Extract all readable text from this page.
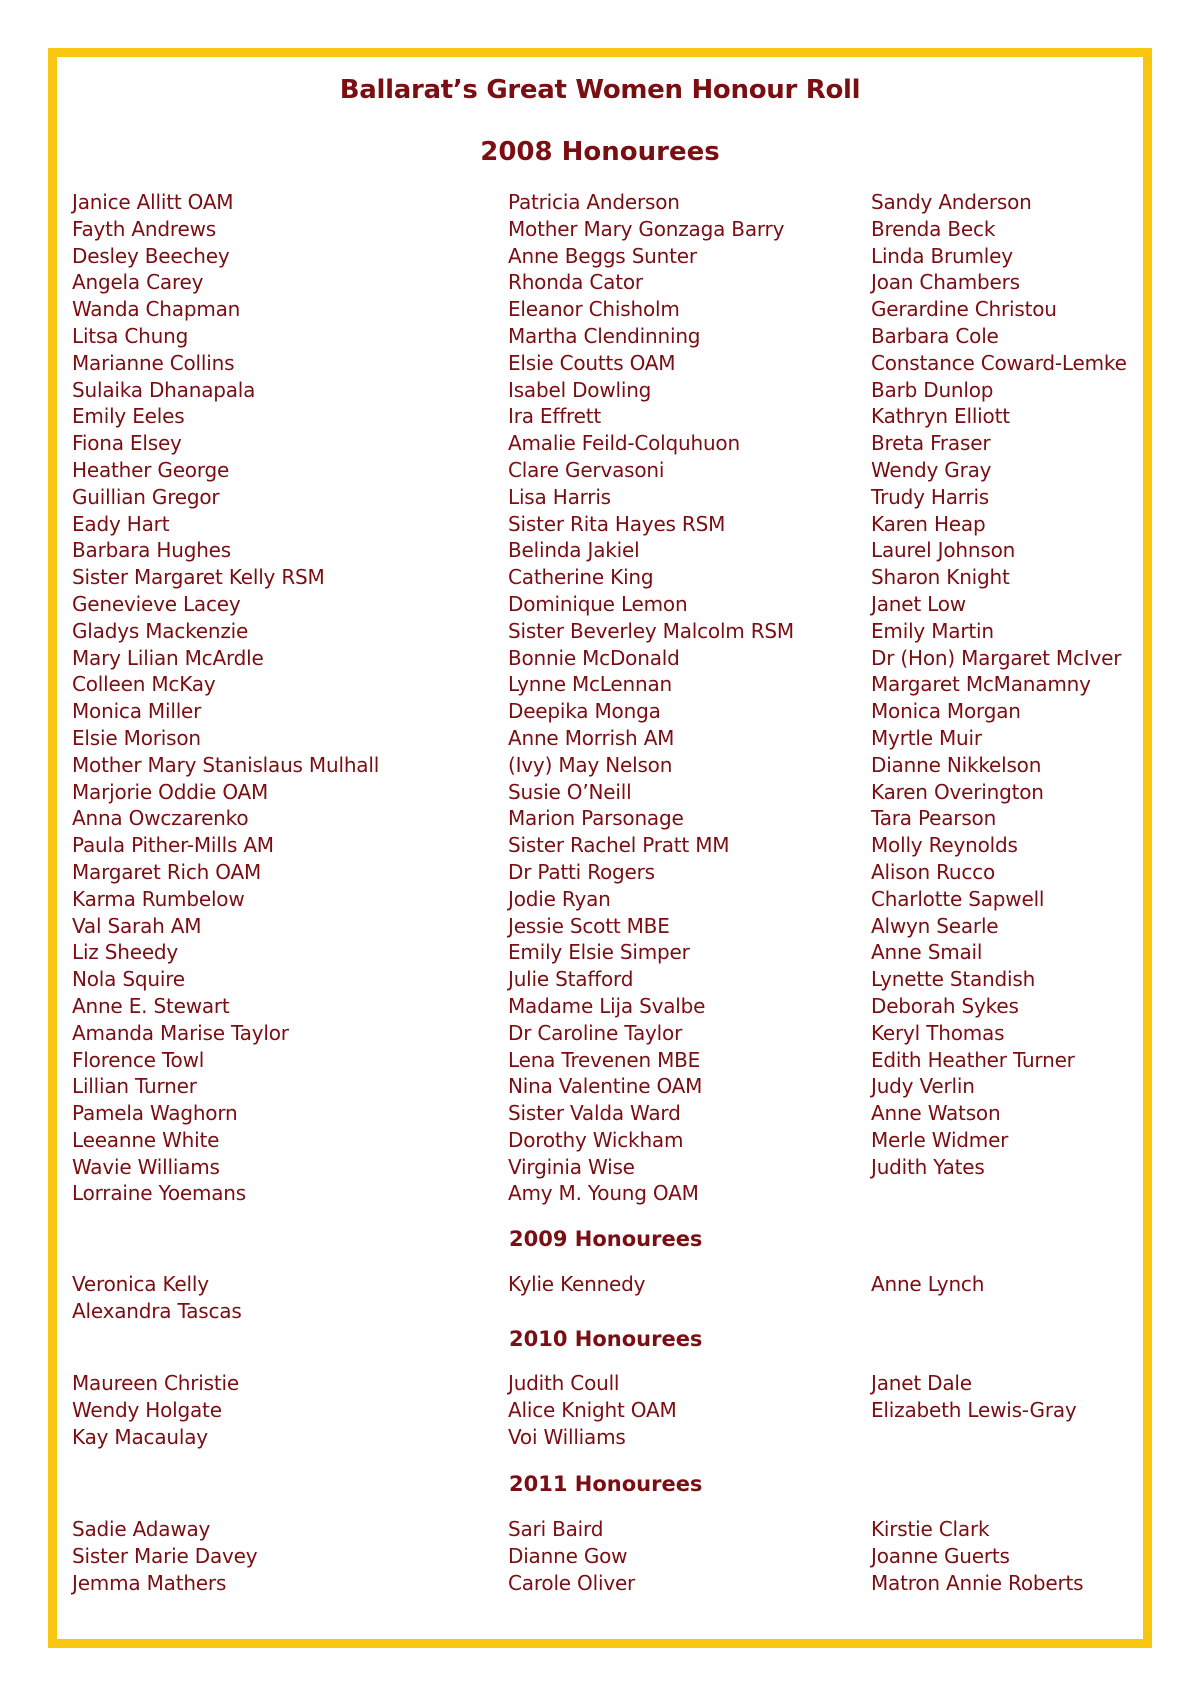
Ballarat’s Great Women Honour Roll
2008 Honourees
Janice Allitt OAM
Fayth Andrews
Desley Beechey
Angela Carey
Wanda Chapman
Litsa Chung
Marianne Collins
Sulaika Dhanapala
Emily Eeles
Fiona Elsey
Heather George
Guillian Gregor
Eady Hart
Barbara Hughes
Sister Margaret Kelly RSM
Genevieve Lacey
Gladys Mackenzie
Mary Lilian McArdle
Colleen McKay
Monica Miller
Elsie Morison
Mother Mary Stanislaus Mulhall
Marjorie Oddie OAM
Anna Owczarenko
Paula Pither-Mills AM
Margaret Rich OAM
Karma Rumbelow
Val Sarah AM
Liz Sheedy
Nola Squire
Anne E. Stewart
Amanda Marise Taylor
Florence Towl
Lillian Turner
Pamela Waghorn
Leeanne White
Wavie Williams
Lorraine Yoemans
Patricia Anderson
Mother Mary Gonzaga Barry
Anne Beggs Sunter
Rhonda Cator
Eleanor Chisholm
Martha Clendinning
Elsie Coutts OAM
Isabel Dowling
Ira Effrett
Amalie Feild-Colquhuon
Clare Gervasoni
Lisa Harris
Sister Rita Hayes RSM
Belinda Jakiel
Catherine King
Dominique Lemon
Sister Beverley Malcolm RSM
Bonnie McDonald
Lynne McLennan
Deepika Monga
Anne Morrish AM
(Ivy) May Nelson
Susie O’Neill
Marion Parsonage
Sister Rachel Pratt MM
Dr Patti Rogers
Jodie Ryan
Jessie Scott MBE
Emily Elsie Simper
Julie Stafford
Madame Lija Svalbe
Dr Caroline Taylor
Lena Trevenen MBE
Nina Valentine OAM
Sister Valda Ward
Dorothy Wickham
Virginia Wise
Amy M. Young OAM
Sandy Anderson
Brenda Beck
Linda Brumley
Joan Chambers
Gerardine Christou
Barbara Cole
Constance Coward-Lemke
Barb Dunlop
Kathryn Elliott
Breta Fraser
Wendy Gray
Trudy Harris
Karen Heap
Laurel Johnson
Sharon Knight
Janet Low
Emily Martin
Dr (Hon) Margaret McIver
Margaret McManamny
Monica Morgan
Myrtle Muir
Dianne Nikkelson
Karen Overington
Tara Pearson
Molly Reynolds
Alison Rucco
Charlotte Sapwell
Alwyn Searle
Anne Smail
Lynette Standish
Deborah Sykes
Keryl Thomas
Edith Heather Turner
Judy Verlin
Anne Watson
Merle Widmer
Judith Yates
2009 Honourees
Veronica Kelly
Alexandra Tascas
Kylie Kennedy	Anne Lynch
2010 Honourees
Maureen Christie
Wendy Holgate
Kay Macaulay
Judith Coull
Alice Knight OAM
Voi Williams
Janet Dale
Elizabeth Lewis-Gray
2011 Honourees
Sadie Adaway
Sister Marie Davey
Jemma Mathers
Sari Baird
Dianne Gow
Carole Oliver
Kirstie Clark
Joanne Guerts
Matron Annie Roberts
